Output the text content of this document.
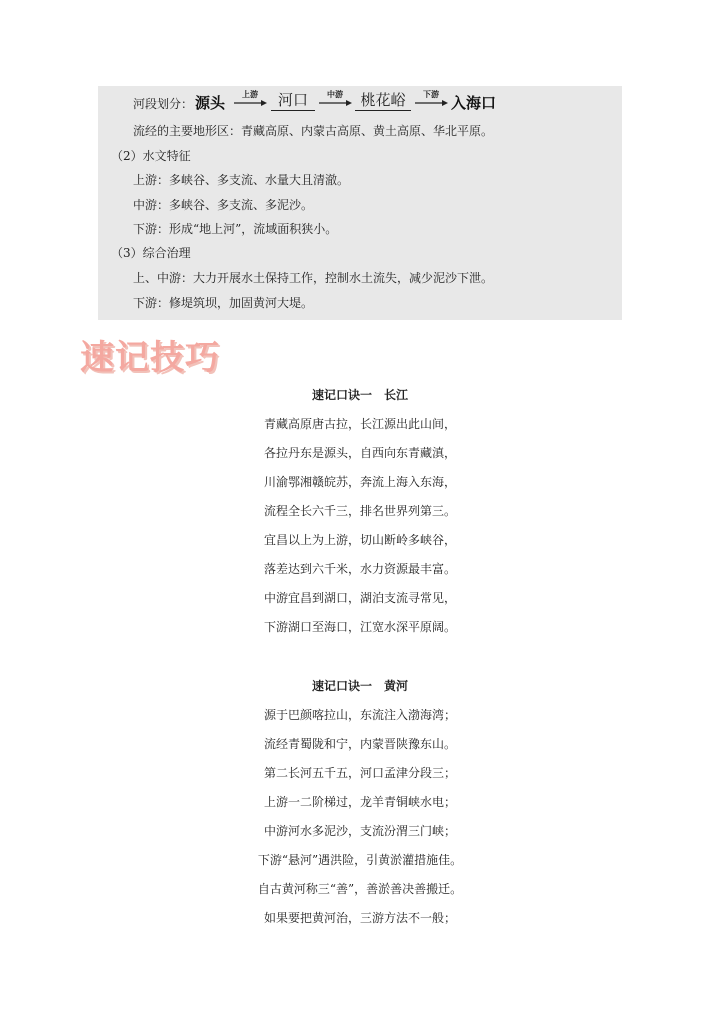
河段划分： 源头	上游	河口	中游	桃花峪	下游 入海口
流经的主要地形区：青藏高原、内蒙古高原、黄土高原、华北平原。
（2）水文特征
上游：多峡谷、多支流、水量大且清澈。
中游：多峡谷、多支流、多泥沙。
下游：形成“地上河”，流域面积狭小。
（3）综合治理
上、中游：大力开展水土保持工作，控制水土流失，减少泥沙下泄。
下游：修堤筑坝，加固黄河大堤。
速记技巧
速记口诀一　长江
青藏高原唐古拉，长江源出此山间，
各拉丹东是源头，自西向东青藏滇，
川渝鄂湘赣皖苏，奔流上海入东海，
流程全长六千三，排名世界列第三。
宜昌以上为上游，切山断岭多峡谷，
落差达到六千米，水力资源最丰富。
中游宜昌到湖口，湖泊支流寻常见，
下游湖口至海口，江宽水深平原阔。
速记口诀一　黄河
源于巴颜喀拉山，东流注入渤海湾；
流经青蜀陇和宁，内蒙晋陕豫东山。
第二长河五千五，河口孟津分段三；
上游一二阶梯过，龙羊青铜峡水电；
中游河水多泥沙，支流汾渭三门峡；
下游“悬河”遇洪险，引黄淤灌措施佳。
自古黄河称三“善”，善淤善决善搬迁。
如果要把黄河治，三游方法不一般；
